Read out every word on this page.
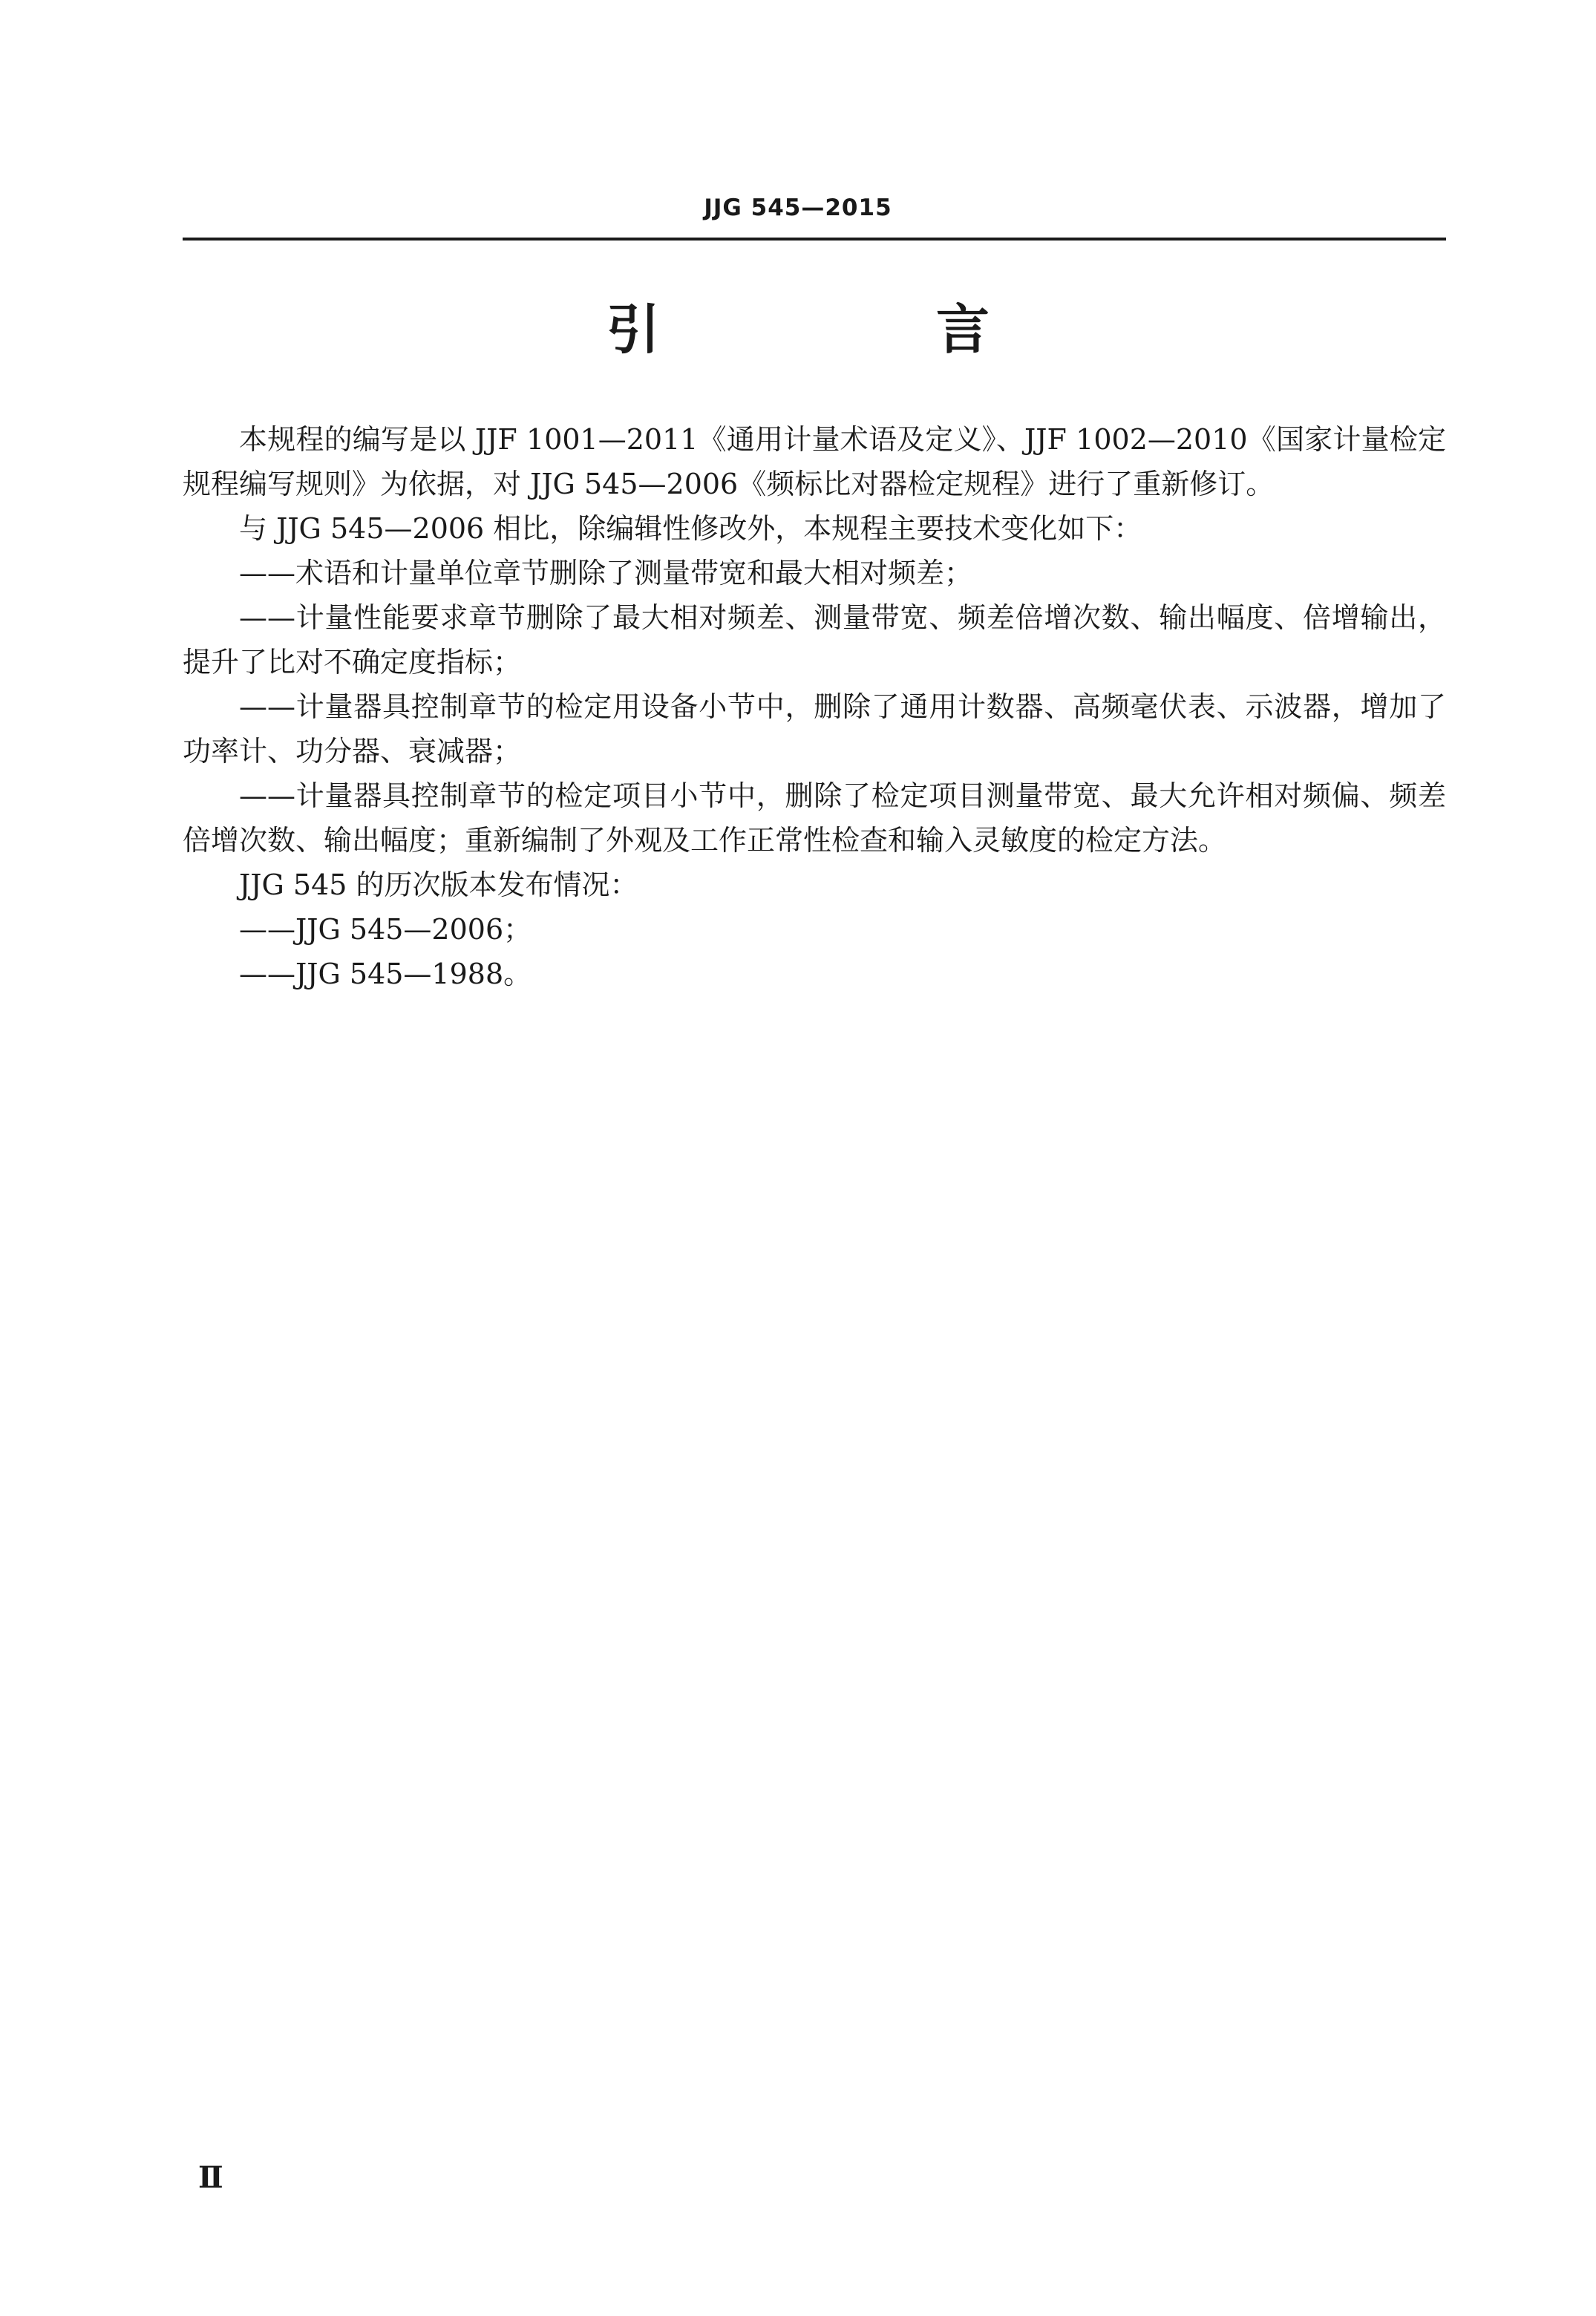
JJG 545—2015
引　言

本规程的编写是以 JJF 1001—2011《通用计量术语及定义》、JJF 1002—2010《国家计量检定规程编写规则》为依据，对 JJG 545—2006《频标比对器检定规程》进行了重新修订。

与 JJG 545—2006 相比，除编辑性修改外，本规程主要技术变化如下：

——术语和计量单位章节删除了测量带宽和最大相对频差；

——计量性能要求章节删除了最大相对频差、测量带宽、频差倍增次数、输出幅度、倍增输出，提升了比对不确定度指标；

——计量器具控制章节的检定用设备小节中，删除了通用计数器、高频毫伏表、示波器，增加了功率计、功分器、衰减器；

——计量器具控制章节的检定项目小节中，删除了检定项目测量带宽、最大允许相对频偏、频差倍增次数、输出幅度；重新编制了外观及工作正常性检查和输入灵敏度的检定方法。

JJG 545 的历次版本发布情况：

——JJG 545—2006；

——JJG 545—1988。

Ⅱ
